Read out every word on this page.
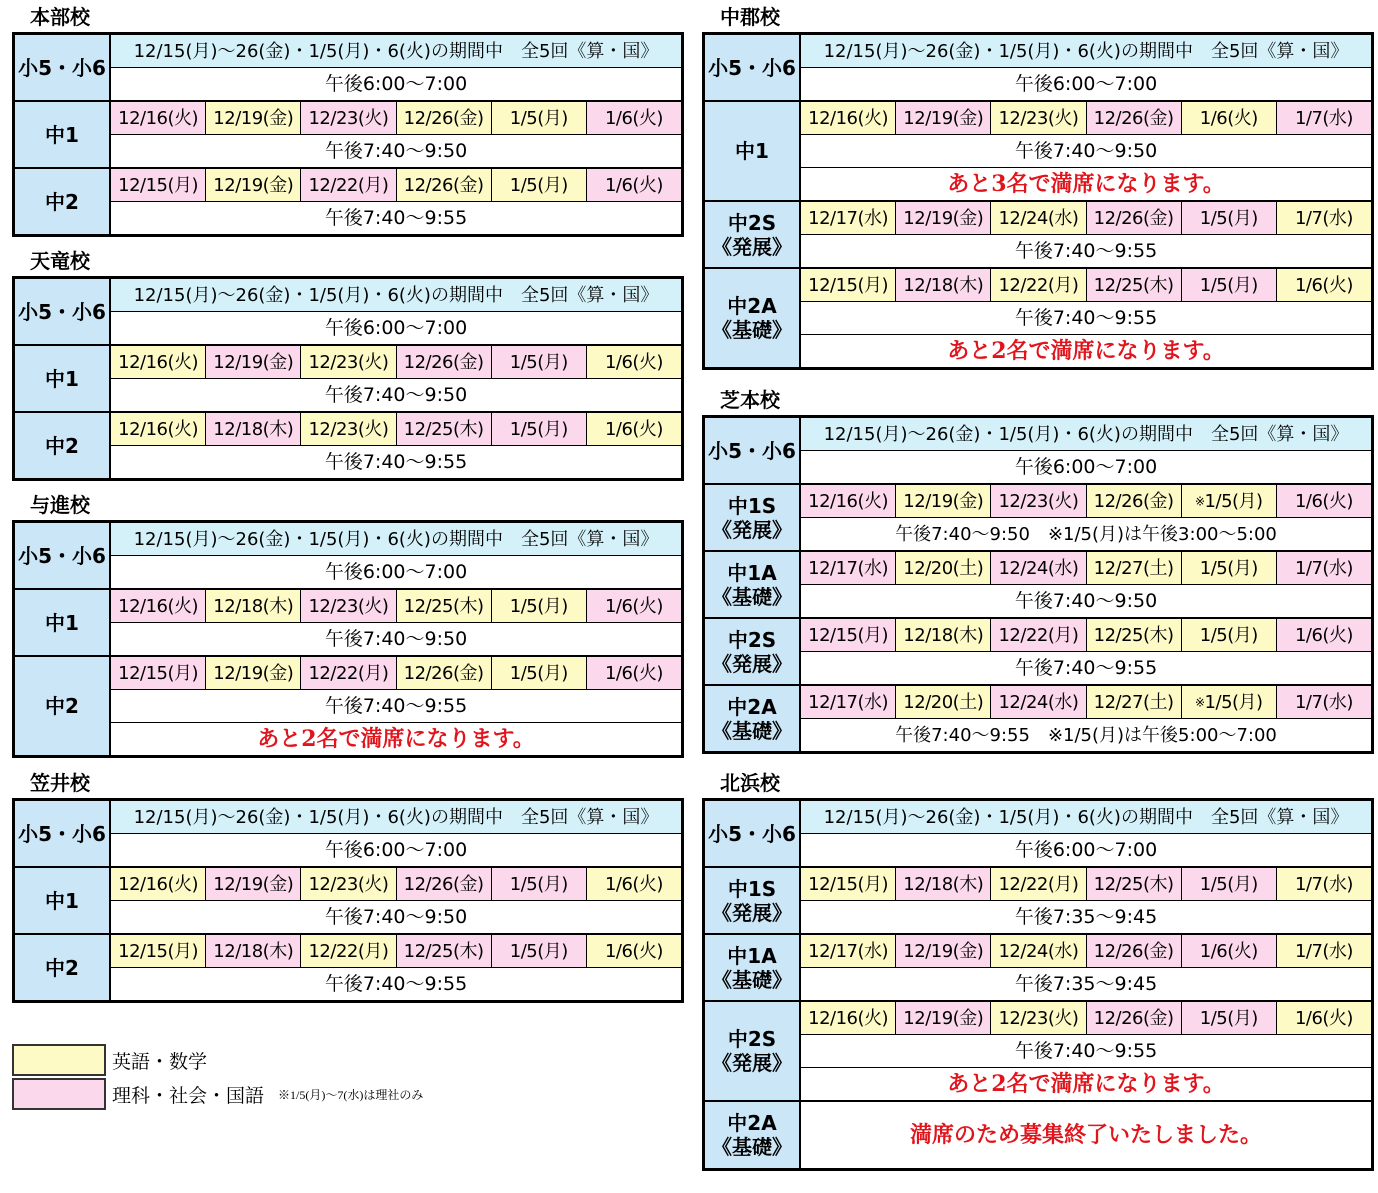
本部校
小5・小6
12/15(月)～26(金)・1/5(月)・6(火)の期間中　全5回《算・国》
午後6:00～7:00
中1
12/16(火) 12/19(金) 12/23(火) 12/26(金)	1/5(月)	1/6(火)
午後7:40～9:50
中2
12/15(月) 12/19(金) 12/22(月) 12/26(金)	1/5(月)	1/6(火)
午後7:40～9:55
天竜校
小5・小6
12/15(月)～26(金)・1/5(月)・6(火)の期間中　全5回《算・国》
午後6:00～7:00
中1
12/16(火) 12/19(金) 12/23(火) 12/26(金)	1/5(月)	1/6(火)
午後7:40～9:50
中2
12/16(火) 12/18(木) 12/23(火) 12/25(木)	1/5(月)	1/6(火)
午後7:40～9:55
与進校
小5・小6
12/15(月)～26(金)・1/5(月)・6(火)の期間中　全5回《算・国》
午後6:00～7:00
中1
12/16(火) 12/18(木) 12/23(火) 12/25(木)	1/5(月)	1/6(火)
午後7:40～9:50
中2
12/15(月) 12/19(金) 12/22(月) 12/26(金)	1/5(月)	1/6(火)
午後7:40～9:55
あと2名で満席になります。
笠井校
小5・小6
12/15(月)～26(金)・1/5(月)・6(火)の期間中　全5回《算・国》
午後6:00～7:00
中1
12/16(火) 12/19(金) 12/23(火) 12/26(金)	1/5(月)	1/6(火)
午後7:40～9:50
中2
12/15(月) 12/18(木) 12/22(月) 12/25(木)	1/5(月)	1/6(火)
午後7:40～9:55
中郡校
小5・小6
12/15(月)～26(金)・1/5(月)・6(火)の期間中　全5回《算・国》
午後6:00～7:00
中1
12/16(火) 12/19(金) 12/23(火) 12/26(金)	1/6(火)	1/7(水)
午後7:40～9:50
あと3名で満席になります。
中2S
《発展》
12/17(水) 12/19(金) 12/24(水) 12/26(金)	1/5(月)	1/7(水)
午後7:40～9:55
中2A
《基礎》
12/15(月) 12/18(木) 12/22(月) 12/25(木)	1/5(月)	1/6(火)
午後7:40～9:55
あと2名で満席になります。
芝本校
小5・小6
12/15(月)～26(金)・1/5(月)・6(火)の期間中　全5回《算・国》
午後6:00～7:00
中1S
《発展》
12/16(火) 12/19(金) 12/23(火) 12/26(金)	※1/5(月)	1/6(火)
午後7:40～9:50　※1/5(月)は午後3:00～5:00
中1A
《基礎》
12/17(水) 12/20(土) 12/24(水) 12/27(土)	1/5(月)	1/7(水)
午後7:40～9:50
中2S
《発展》
12/15(月) 12/18(木) 12/22(月) 12/25(木)	1/5(月)	1/6(火)
午後7:40～9:55
中2A
《基礎》
12/17(水) 12/20(土) 12/24(水) 12/27(土)	※1/5(月)	1/7(水)
午後7:40～9:55　※1/5(月)は午後5:00～7:00
北浜校
小5・小6
12/15(月)～26(金)・1/5(月)・6(火)の期間中　全5回《算・国》
午後6:00～7:00
中1S
《発展》
12/15(月) 12/18(木) 12/22(月) 12/25(木)	1/5(月)	1/7(水)
午後7:35～9:45
中1A
《基礎》
12/17(水) 12/19(金) 12/24(水) 12/26(金)	1/6(火)	1/7(水)
午後7:35～9:45
中2S
《発展》
12/16(火) 12/19(金) 12/23(火) 12/26(金)	1/5(月)	1/6(火)
午後7:40～9:55
あと2名で満席になります。
中2A
《基礎》	満席のため募集終了いたしました。
英語・数学
理科・社会・国語 ※1/5(月)～7(水)は理社のみ
